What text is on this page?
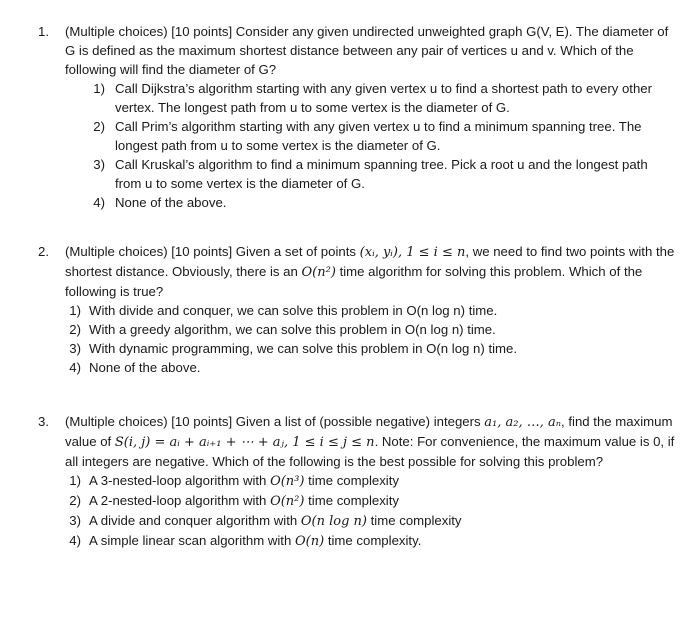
1. (Multiple choices) [10 points] Consider any given undirected unweighted graph G(V, E). The diameter of G is defined as the maximum shortest distance between any pair of vertices u and v. Which of the following will find the diameter of G?
1) Call Dijkstra’s algorithm starting with any given vertex u to find a shortest path to every other vertex. The longest path from u to some vertex is the diameter of G.
2) Call Prim’s algorithm starting with any given vertex u to find a minimum spanning tree. The longest path from u to some vertex is the diameter of G.
3) Call Kruskal’s algorithm to find a minimum spanning tree. Pick a root u and the longest path from u to some vertex is the diameter of G.
4) None of the above.
2. (Multiple choices) [10 points] Given a set of points (xᵢ, yᵢ), 1 ≤ i ≤ n, we need to find two points with the shortest distance. Obviously, there is an O(n²) time algorithm for solving this problem. Which of the following is true?
1) With divide and conquer, we can solve this problem in O(n log n) time.
2) With a greedy algorithm, we can solve this problem in O(n log n) time.
3) With dynamic programming, we can solve this problem in O(n log n) time.
4) None of the above.
3. (Multiple choices) [10 points] Given a list of (possible negative) integers a₁, a₂, …, aₙ, find the maximum value of S(i, j) = aᵢ + aᵢ₊₁ + ⋯ + aⱼ, 1 ≤ i ≤ j ≤ n. Note: For convenience, the maximum value is 0, if all integers are negative. Which of the following is the best possible for solving this problem?
1) A 3-nested-loop algorithm with O(n³) time complexity
2) A 2-nested-loop algorithm with O(n²) time complexity
3) A divide and conquer algorithm with O(n log n) time complexity
4) A simple linear scan algorithm with O(n) time complexity.
